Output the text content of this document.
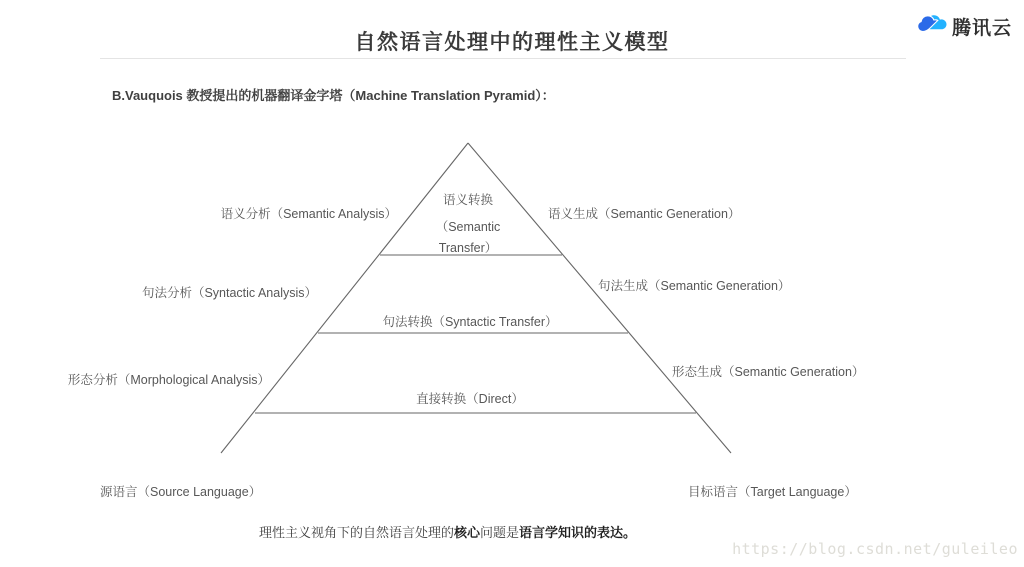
自然语言处理中的理性主义模型
腾讯云
B.Vauquois 教授提出的机器翻译金字塔（Machine Translation Pyramid）：
语义转换
（Semantic
Transfer）
句法转换（Syntactic Transfer）
直接转换（Direct）
语义分析（Semantic Analysis）
句法分析（Syntactic Analysis）
形态分析（Morphological Analysis）
语义生成（Semantic Generation）
句法生成（Semantic Generation）
形态生成（Semantic Generation）
源语言（Source Language）	目标语言（Target Language）
理性主义视角下的自然语言处理的核心问题是语言学知识的表达。
https://blog.csdn.net/guleileo
